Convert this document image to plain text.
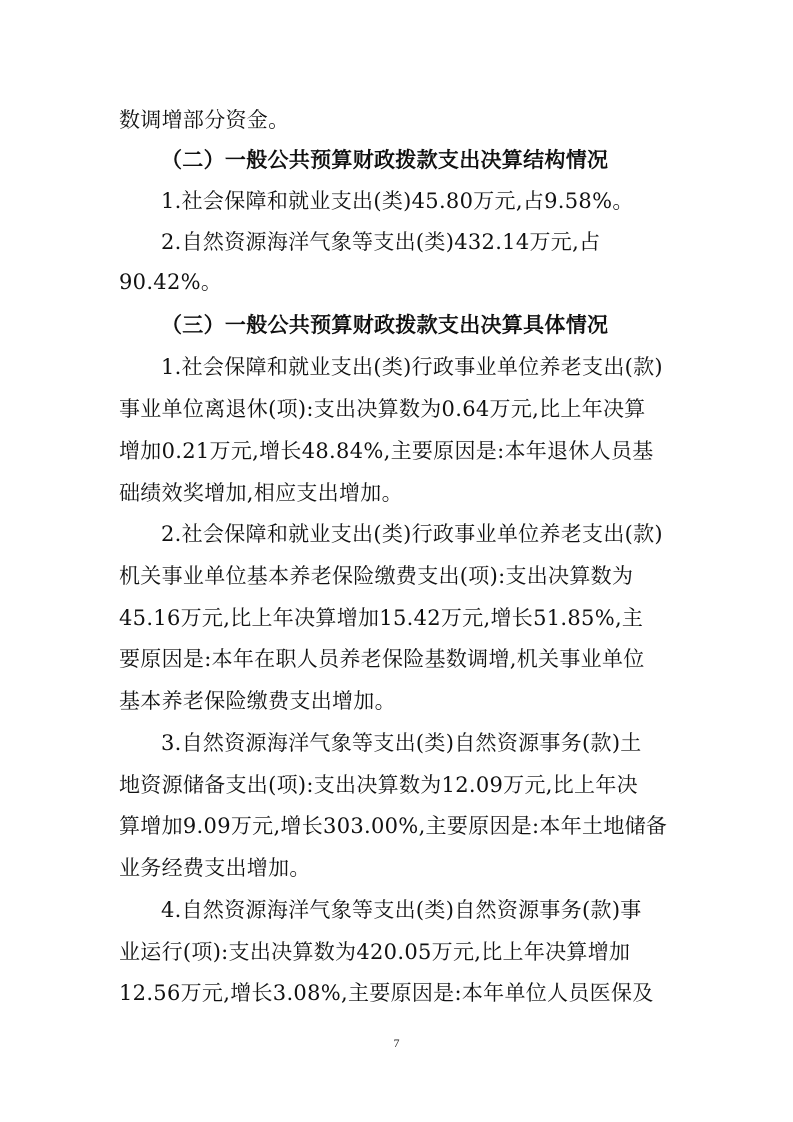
数调增部分资金。
（二）一般公共预算财政拨款支出决算结构情况
1.社会保障和就业支出(类)45.80万元,占9.58%。
2.自然资源海洋气象等支出(类)432.14万元,占
90.42%。
（三）一般公共预算财政拨款支出决算具体情况
1.社会保障和就业支出(类)行政事业单位养老支出(款)
事业单位离退休(项):支出决算数为0.64万元,比上年决算
增加0.21万元,增长48.84%,主要原因是:本年退休人员基
础绩效奖增加,相应支出增加。
2.社会保障和就业支出(类)行政事业单位养老支出(款)
机关事业单位基本养老保险缴费支出(项):支出决算数为
45.16万元,比上年决算增加15.42万元,增长51.85%,主
要原因是:本年在职人员养老保险基数调增,机关事业单位
基本养老保险缴费支出增加。
3.自然资源海洋气象等支出(类)自然资源事务(款)土
地资源储备支出(项):支出决算数为12.09万元,比上年决
算增加9.09万元,增长303.00%,主要原因是:本年土地储备
业务经费支出增加。
4.自然资源海洋气象等支出(类)自然资源事务(款)事
业运行(项):支出决算数为420.05万元,比上年决算增加
12.56万元,增长3.08%,主要原因是:本年单位人员医保及
7
